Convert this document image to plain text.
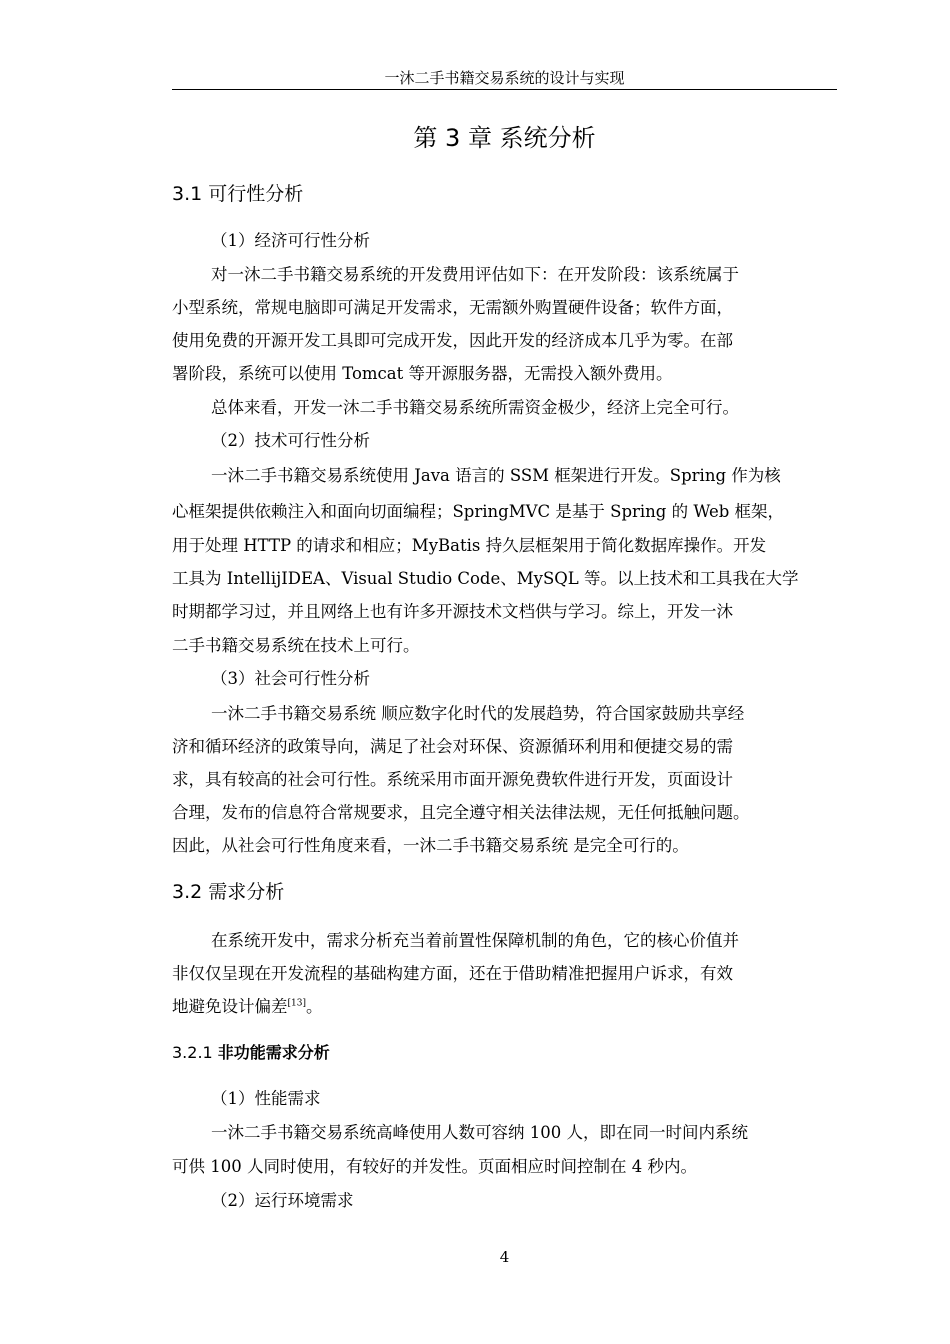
一沐二手书籍交易系统的设计与实现
第 3 章 系统分析
3.1 可行性分析
（1）经济可行性分析
对一沐二手书籍交易系统的开发费用评估如下：在开发阶段：该系统属于
小型系统，常规电脑即可满足开发需求，无需额外购置硬件设备；软件方面，
使用免费的开源开发工具即可完成开发，因此开发的经济成本几乎为零。在部
署阶段，系统可以使用 Tomcat 等开源服务器，无需投入额外费用。
总体来看，开发一沐二手书籍交易系统所需资金极少，经济上完全可行。
（2）技术可行性分析
一沐二手书籍交易系统使用 Java 语言的 SSM 框架进行开发。Spring 作为核
心框架提供依赖注入和面向切面编程；SpringMVC 是基于 Spring 的 Web 框架，
用于处理 HTTP 的请求和相应；MyBatis 持久层框架用于简化数据库操作。开发
工具为 IntellijIDEA、Visual Studio Code、MySQL 等。以上技术和工具我在大学
时期都学习过，并且网络上也有许多开源技术文档供与学习。综上，开发一沐
二手书籍交易系统在技术上可行。
（3）社会可行性分析
一沐二手书籍交易系统 顺应数字化时代的发展趋势，符合国家鼓励共享经
济和循环经济的政策导向，满足了社会对环保、资源循环利用和便捷交易的需
求，具有较高的社会可行性。系统采用市面开源免费软件进行开发，页面设计
合理，发布的信息符合常规要求，且完全遵守相关法律法规，无任何抵触问题。
因此，从社会可行性角度来看，一沐二手书籍交易系统 是完全可行的。
3.2 需求分析
在系统开发中，需求分析充当着前置性保障机制的角色，它的核心价值并
非仅仅呈现在开发流程的基础构建方面，还在于借助精准把握用户诉求，有效
地避免设计偏差[13]。
3.2.1 非功能需求分析
（1）性能需求
一沐二手书籍交易系统高峰使用人数可容纳 100 人，即在同一时间内系统
可供 100 人同时使用，有较好的并发性。页面相应时间控制在 4 秒内。
（2）运行环境需求
4
